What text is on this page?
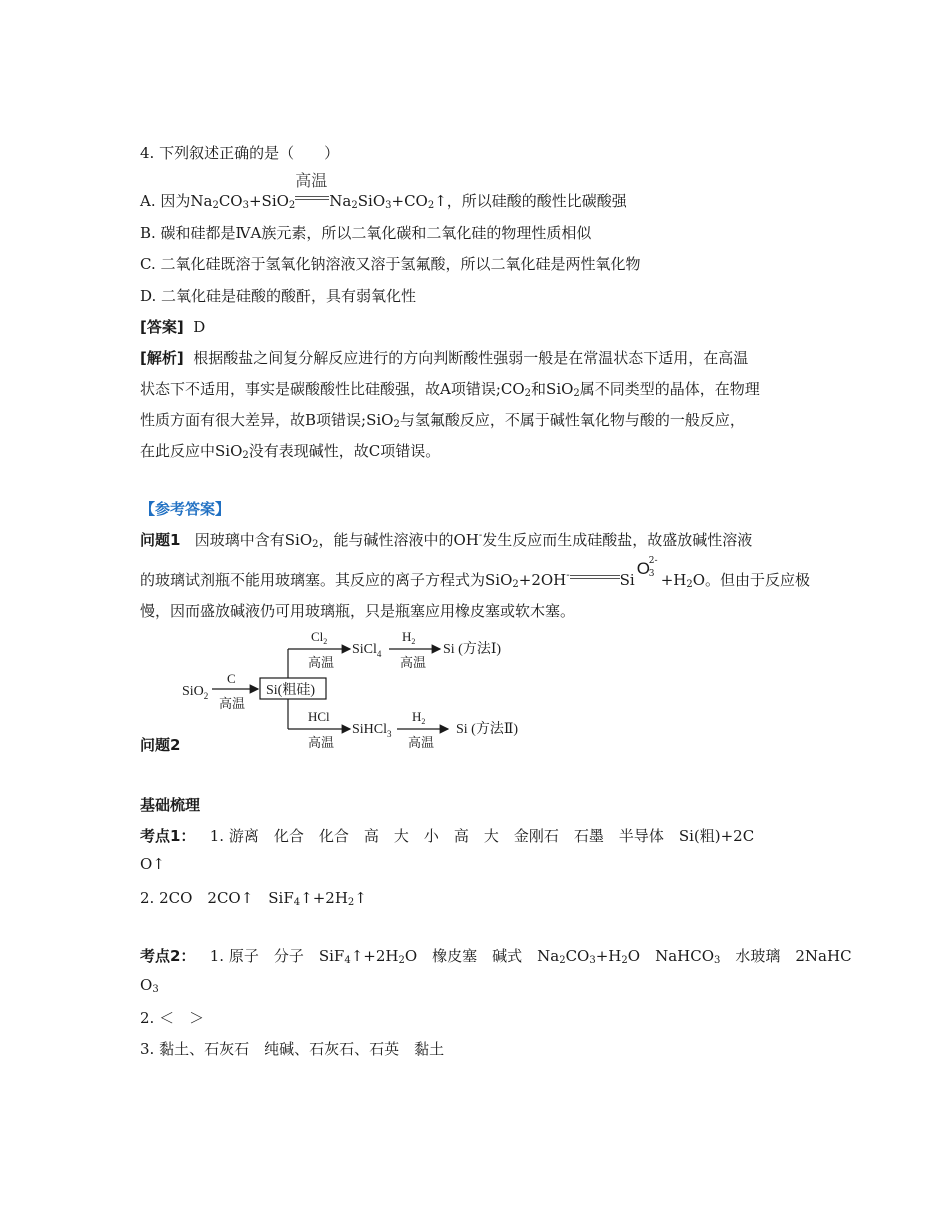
4. 下列叙述正确的是（　　）
A. 因为$Na_2CO_3+SiO_2$
高温
$Na_2SiO_3+CO_2↑$，所以硅酸的酸性比碳酸强
B. 碳和硅都是ⅣA族元素，所以二氧化碳和二氧化硅的物理性质相似
C. 二氧化硅既溶于氢氧化钠溶液又溶于氢氟酸，所以二氧化硅是两性氧化物
D. 二氧化硅是硅酸的酸酐，具有弱氧化性
[答案] D
[解析] 根据酸盐之间复分解反应进行的方向判断酸性强弱一般是在常温状态下适用，在高温
状态下不适用，事实是碳酸酸性比硅酸强，故A项错误$;CO_2$和SiO$_2$属不同类型的晶体，在物理
性质方面有很大差异，故B项错误;SiO$_2$与氢氟酸反应，不属于碱性氧化物与酸的一般反应，
在此反应中SiO$_2$没有表现碱性，故C项错误。
【参考答案】
问题1 因玻璃中含有SiO$_2$，能与碱性溶液中的OH-发生反应而生成硅酸盐，故盛放碱性溶液
的玻璃试剂瓶不能用玻璃塞。其反应的离子方程式为SiO$_2$+2OH-	Si
O
2-
$3 +H_2O$。但由于反应极
慢，因而盛放碱液仍可用玻璃瓶，只是瓶塞应用橡皮塞或软木塞。
SiO$_2$
C
高温
Si(粗硅)
$Cl_2$
高温
SiCl$_4$
$H_2$
高温
Si (方法Ⅰ)
HCl
高温
SiHCl$_3$
$H_2$
高温
Si (方法Ⅱ)
问题2
基础梳理
考点1： 1. 游离　化合　化合　高　大　小　高　大　金刚石　石墨　半导体　Si(粗)+2C
O↑
2. 2CO　2CO↑　$SiF_4↑+2H_2↑$
考点2： 1. 原子　分子　$SiF_4↑+2H_2O$　橡皮塞　碱式　$Na_2CO_3+H_2O$　NaHCO$_3$　水玻璃　2NaHC
$O_3$
2. ＜　＞
3. 黏土、石灰石　纯碱、石灰石、石英　黏土
